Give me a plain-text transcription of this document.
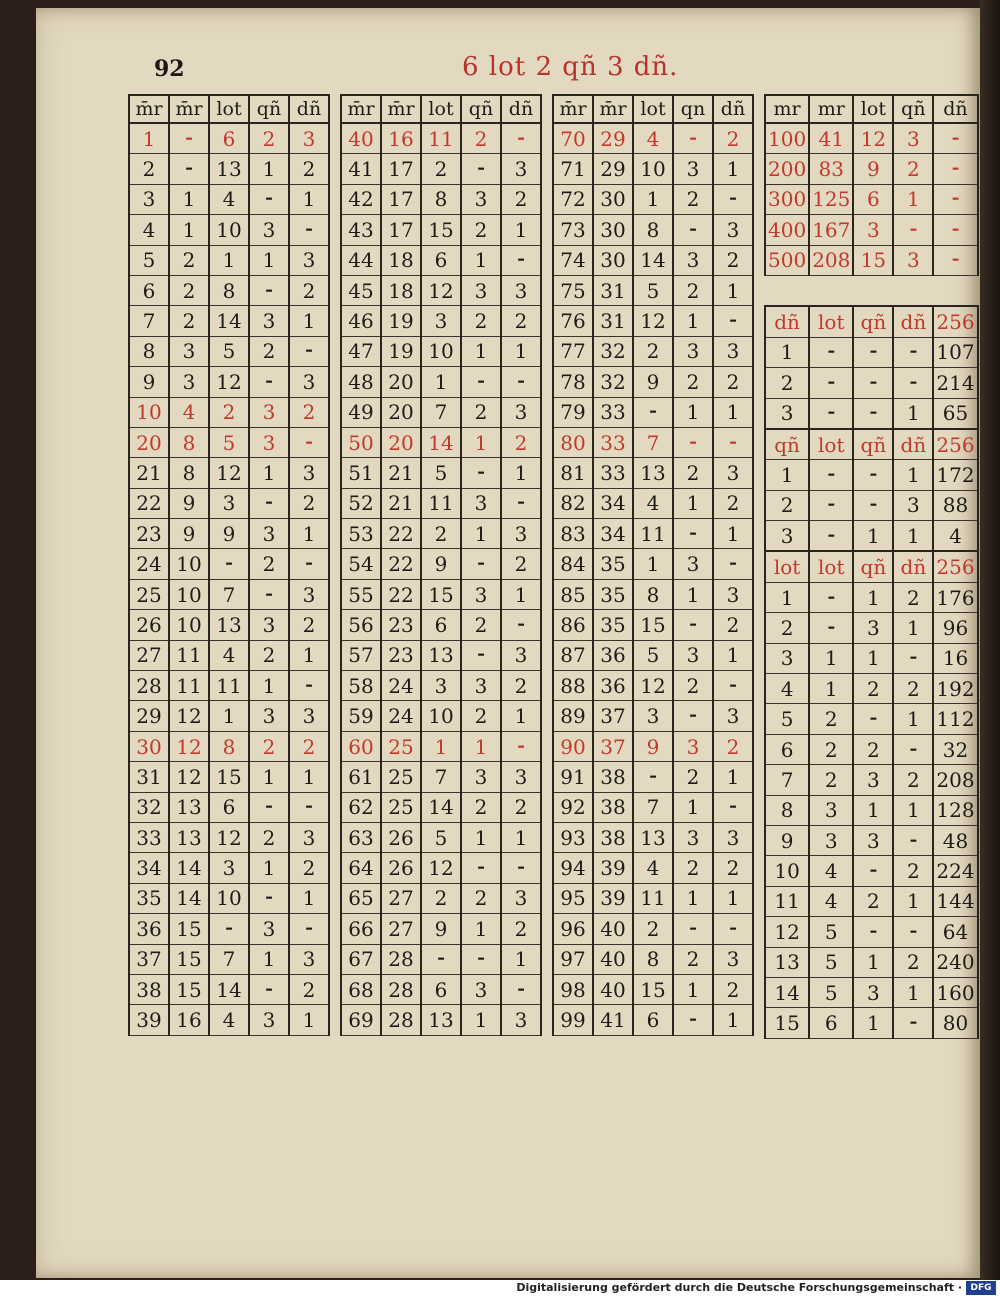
92	6 lot 2 qñ 3 dñ.
m̄r	m̄r	lot	qñ	dñ
1	⁃	6	2	3
2	⁃	13	1	2
3	1	4	⁃	1
4	1	10	3	⁃
5	2	1	1	3
6	2	8	⁃	2
7	2	14	3	1
8	3	5	2	⁃
9	3	12	⁃	3
10	4	2	3	2
20	8	5	3	⁃
21	8	12	1	3
22	9	3	⁃	2
23	9	9	3	1
24	10	⁃	2	⁃
25	10	7	⁃	3
26	10	13	3	2
27	11	4	2	1
28	11	11	1	⁃
29	12	1	3	3
30	12	8	2	2
31	12	15	1	1
32	13	6	⁃	⁃
33	13	12	2	3
34	14	3	1	2
35	14	10	⁃	1
36	15	⁃	3	⁃
37	15	7	1	3
38	15	14	⁃	2
39	16	4	3	1
m̄r	m̄r	lot	qñ	dñ
40	16	11	2	⁃
41	17	2	⁃	3
42	17	8	3	2
43	17	15	2	1
44	18	6	1	⁃
45	18	12	3	3
46	19	3	2	2
47	19	10	1	1
48	20	1	⁃	⁃
49	20	7	2	3
50	20	14	1	2
51	21	5	⁃	1
52	21	11	3	⁃
53	22	2	1	3
54	22	9	⁃	2
55	22	15	3	1
56	23	6	2	⁃
57	23	13	⁃	3
58	24	3	3	2
59	24	10	2	1
60	25	1	1	⁃
61	25	7	3	3
62	25	14	2	2
63	26	5	1	1
64	26	12	⁃	⁃
65	27	2	2	3
66	27	9	1	2
67	28	⁃	⁃	1
68	28	6	3	⁃
69	28	13	1	3
m̄r	m̄r	lot	qn	dñ
70	29	4	⁃	2
71	29	10	3	1
72	30	1	2	⁃
73	30	8	⁃	3
74	30	14	3	2
75	31	5	2	1
76	31	12	1	⁃
77	32	2	3	3
78	32	9	2	2
79	33	⁃	1	1
80	33	7	⁃	⁃
81	33	13	2	3
82	34	4	1	2
83	34	11	⁃	1
84	35	1	3	⁃
85	35	8	1	3
86	35	15	⁃	2
87	36	5	3	1
88	36	12	2	⁃
89	37	3	⁃	3
90	37	9	3	2
91	38	⁃	2	1
92	38	7	1	⁃
93	38	13	3	3
94	39	4	2	2
95	39	11	1	1
96	40	2	⁃	⁃
97	40	8	2	3
98	40	15	1	2
99	41	6	⁃	1
mr	mr	lot	qñ	dñ
100	41	12	3	⁃
200	83	9	2	⁃
300	125	6	1	⁃
400	167	3	⁃	⁃
500	208	15	3	⁃

dñ	lot	qñ	dñ	256
1	⁃	⁃	⁃	107
2	⁃	⁃	⁃	214
3	⁃	⁃	1	65
qñ	lot	qñ	dñ	256
1	⁃	⁃	1	172
2	⁃	⁃	3	88
3	⁃	1	1	4
lot	lot	qñ	dñ	256
1	⁃	1	2	176
2	⁃	3	1	96
3	1	1	⁃	16
4	1	2	2	192
5	2	⁃	1	112
6	2	2	⁃	32
7	2	3	2	208
8	3	1	1	128
9	3	3	⁃	48
10	4	⁃	2	224
11	4	2	1	144
12	5	⁃	⁃	64
13	5	1	2	240
14	5	3	1	160
15	6	1	⁃	80
Digitalisierung gefördert durch die Deutsche Forschungsgemeinschaft · DFG
